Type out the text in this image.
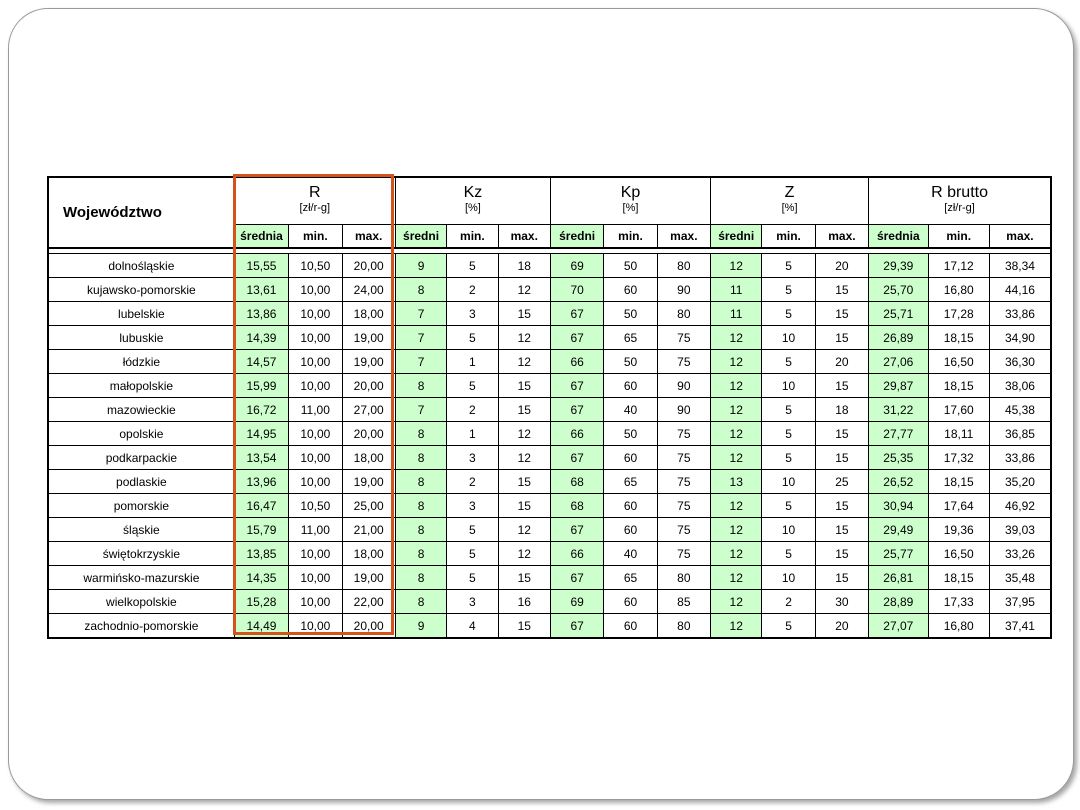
Województwo	R			Kz			Kp			Z			R brutto		
	[zł/r-g]			[%]			[%]			[%]			[zł/r-g]		
	średnia	min.	max.	średni	min.	max.	średni	min.	max.	średni	min.	max.	średnia	min.	max.

dolnośląskie	15,55	10,50	20,00	9	5	18	69	50	80	12	5	20	29,39	17,12	38,34
kujawsko-pomorskie	13,61	10,00	24,00	8	2	12	70	60	90	11	5	15	25,70	16,80	44,16
lubelskie	13,86	10,00	18,00	7	3	15	67	50	80	11	5	15	25,71	17,28	33,86
lubuskie	14,39	10,00	19,00	7	5	12	67	65	75	12	10	15	26,89	18,15	34,90
łódzkie	14,57	10,00	19,00	7	1	12	66	50	75	12	5	20	27,06	16,50	36,30
małopolskie	15,99	10,00	20,00	8	5	15	67	60	90	12	10	15	29,87	18,15	38,06
mazowieckie	16,72	11,00	27,00	7	2	15	67	40	90	12	5	18	31,22	17,60	45,38
opolskie	14,95	10,00	20,00	8	1	12	66	50	75	12	5	15	27,77	18,11	36,85
podkarpackie	13,54	10,00	18,00	8	3	12	67	60	75	12	5	15	25,35	17,32	33,86
podlaskie	13,96	10,00	19,00	8	2	15	68	65	75	13	10	25	26,52	18,15	35,20
pomorskie	16,47	10,50	25,00	8	3	15	68	60	75	12	5	15	30,94	17,64	46,92
śląskie	15,79	11,00	21,00	8	5	12	67	60	75	12	10	15	29,49	19,36	39,03
świętokrzyskie	13,85	10,00	18,00	8	5	12	66	40	75	12	5	15	25,77	16,50	33,26
warmińsko-mazurskie	14,35	10,00	19,00	8	5	15	67	65	80	12	10	15	26,81	18,15	35,48
wielkopolskie	15,28	10,00	22,00	8	3	16	69	60	85	12	2	30	28,89	17,33	37,95
zachodnio-pomorskie	14,49	10,00	20,00	9	4	15	67	60	80	12	5	20	27,07	16,80	37,41
